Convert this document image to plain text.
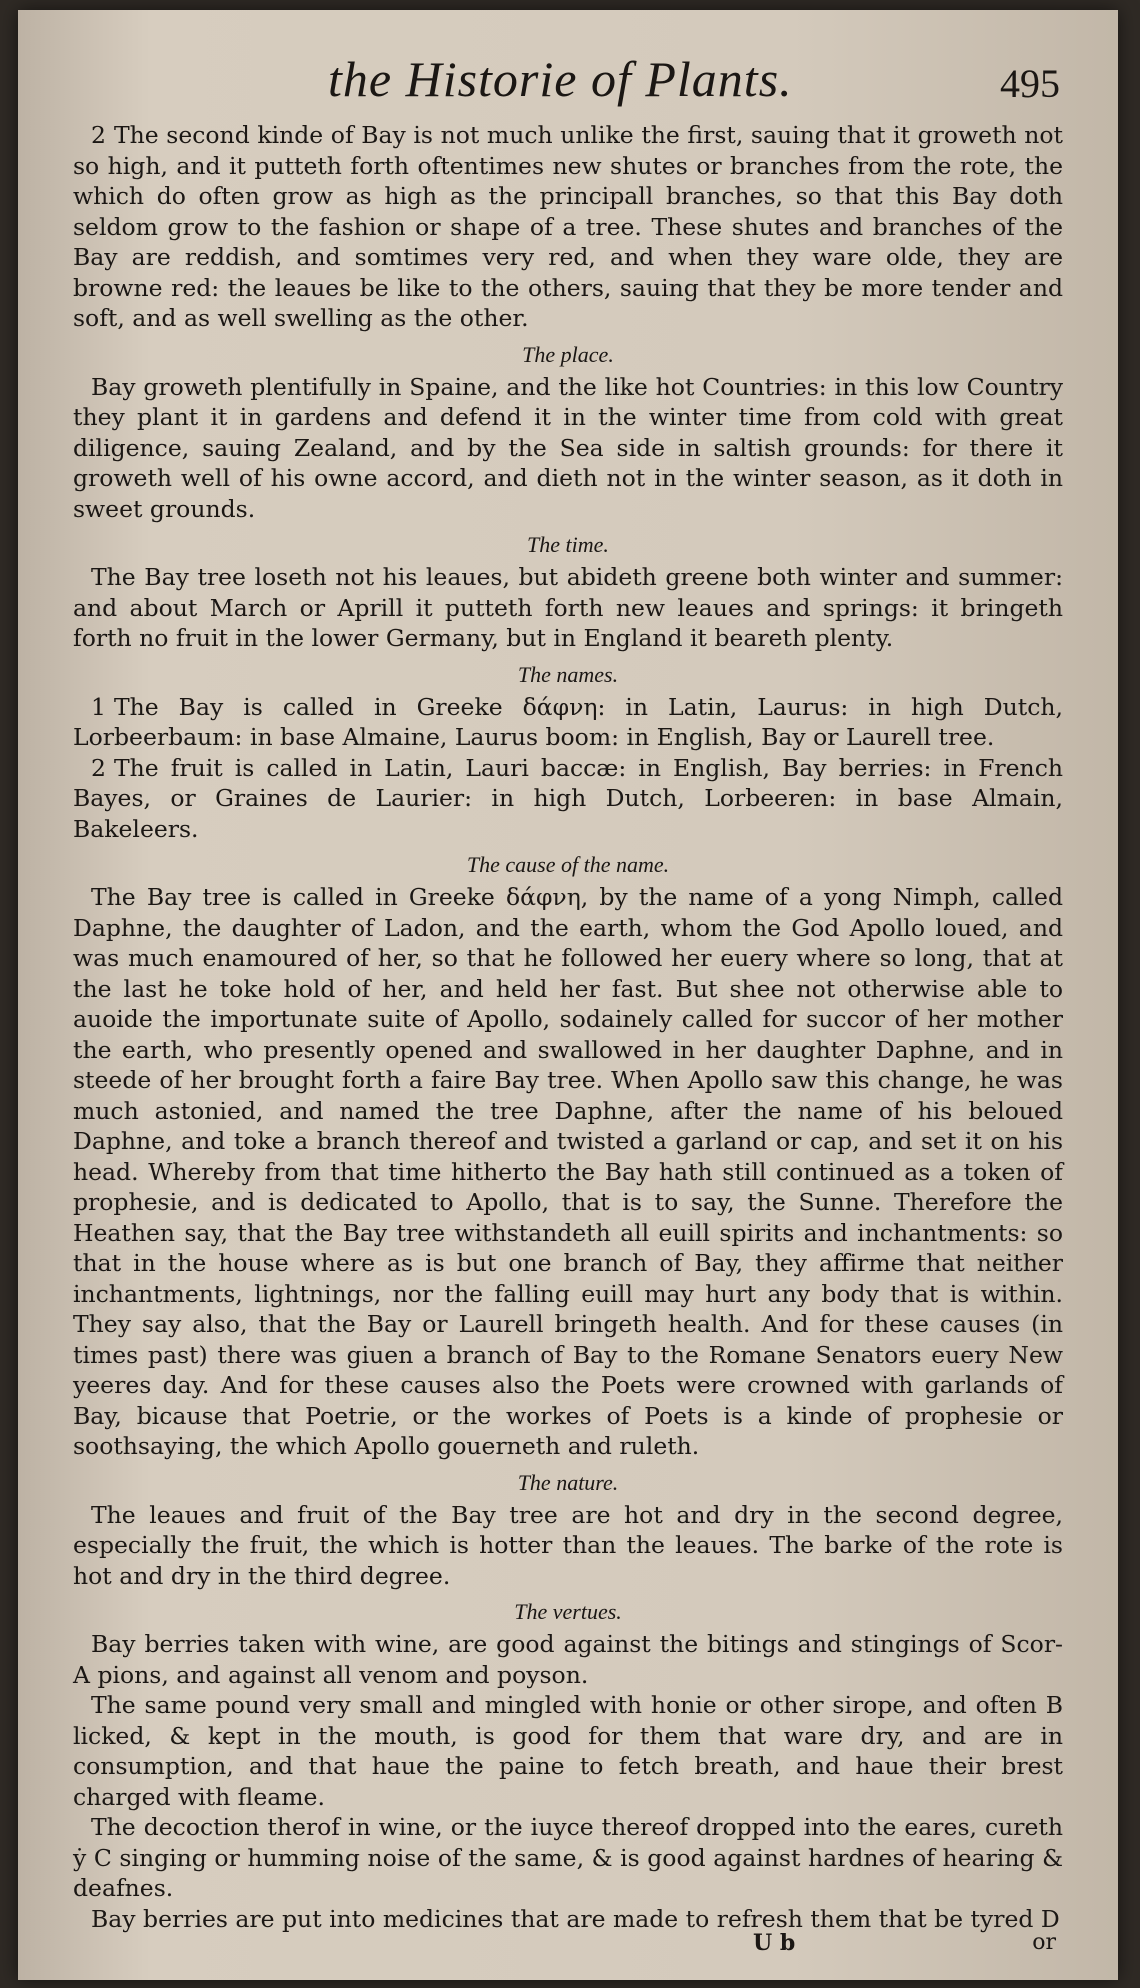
the Historie of Plants.	495

2 The second kinde of Bay is not much unlike the first, sauing that it groweth not so high, and it putteth forth oftentimes new shutes or branches from the rote, the which do often grow as high as the principall branches, so that this Bay doth seldom grow to the fashion or shape of a tree. These shutes and branches of the Bay are reddish, and somtimes very red, and when they ware olde, they are browne red: the leaues be like to the others, sauing that they be more tender and soft, and as well swelling as the other.

The place.

Bay groweth plentifully in Spaine, and the like hot Countries: in this low Country they plant it in gardens and defend it in the winter time from cold with great diligence, sauing Zealand, and by the Sea side in saltish grounds: for there it groweth well of his owne accord, and dieth not in the winter season, as it doth in sweet grounds.

The time.

The Bay tree loseth not his leaues, but abideth greene both winter and summer: and about March or Aprill it putteth forth new leaues and springs: it bringeth forth no fruit in the lower Germany, but in England it beareth plenty.

The names.

1 The Bay is called in Greeke δάφνη: in Latin, Laurus: in high Dutch, Lorbeerbaum: in base Almaine, Laurus boom: in English, Bay or Laurell tree.

2 The fruit is called in Latin, Lauri baccæ: in English, Bay berries: in French Bayes, or Graines de Laurier: in high Dutch, Lorbeeren: in base Almain, Bakeleers.

The cause of the name.

The Bay tree is called in Greeke δάφνη, by the name of a yong Nimph, called Daphne, the daughter of Ladon, and the earth, whom the God Apollo loued, and was much enamoured of her, so that he followed her euery where so long, that at the last he toke hold of her, and held her fast. But shee not otherwise able to auoide the importunate suite of Apollo, sodainely called for succor of her mother the earth, who presently opened and swallowed in her daughter Daphne, and in steede of her brought forth a faire Bay tree. When Apollo saw this change, he was much astonied, and named the tree Daphne, after the name of his beloued Daphne, and toke a branch thereof and twisted a garland or cap, and set it on his head. Whereby from that time hitherto the Bay hath still continued as a token of prophesie, and is dedicated to Apollo, that is to say, the Sunne. Therefore the Heathen say, that the Bay tree withstandeth all euill spirits and inchantments: so that in the house where as is but one branch of Bay, they affirme that neither inchantments, lightnings, nor the falling euill may hurt any body that is within. They say also, that the Bay or Laurell bringeth health. And for these causes (in times past) there was giuen a branch of Bay to the Romane Senators euery New yeeres day. And for these causes also the Poets were crowned with garlands of Bay, bicause that Poetrie, or the workes of Poets is a kinde of prophesie or soothsaying, the which Apollo gouerneth and ruleth.

The nature.

The leaues and fruit of the Bay tree are hot and dry in the second degree, especially the fruit, the which is hotter than the leaues. The barke of the rote is hot and dry in the third degree.

The vertues.

Bay berries taken with wine, are good against the bitings and stingings of Scor- A pions, and against all venom and poyson.

The same pound very small and mingled with honie or other sirope, and often B licked, & kept in the mouth, is good for them that ware dry, and are in consumption, and that haue the paine to fetch breath, and haue their brest charged with fleame.

The decoction therof in wine, or the iuyce thereof dropped into the eares, cureth ẏ C singing or humming noise of the same, & is good against hardnes of hearing & deafnes.

Bay berries are put into medicines that are made to refresh them that be tyred D

U b	or
